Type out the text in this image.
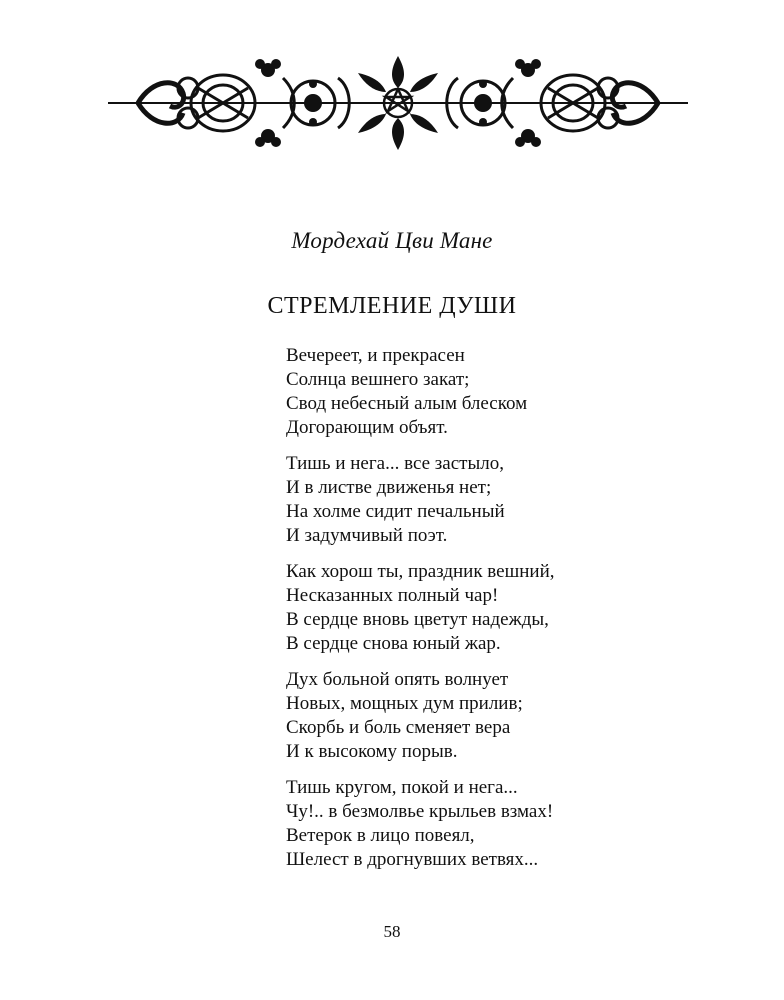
Мордехай Цви Мане
СТРЕМЛЕНИЕ ДУШИ
Вечереет, и прекрасен
Солнца вешнего закат;
Свод небесный алым блеском
Догорающим объят.
Тишь и нега... все застыло,
И в листве движенья нет;
На холме сидит печальный
И задумчивый поэт.
Как хорош ты, праздник вешний,
Несказанных полный чар!
В сердце вновь цветут надежды,
В сердце снова юный жар.
Дух больной опять волнует
Новых, мощных дум прилив;
Скорбь и боль сменяет вера
И к высокому порыв.
Тишь кругом, покой и нега...
Чу!.. в безмолвье крыльев взмах!
Ветерок в лицо повеял,
Шелест в дрогнувших ветвях...
58
